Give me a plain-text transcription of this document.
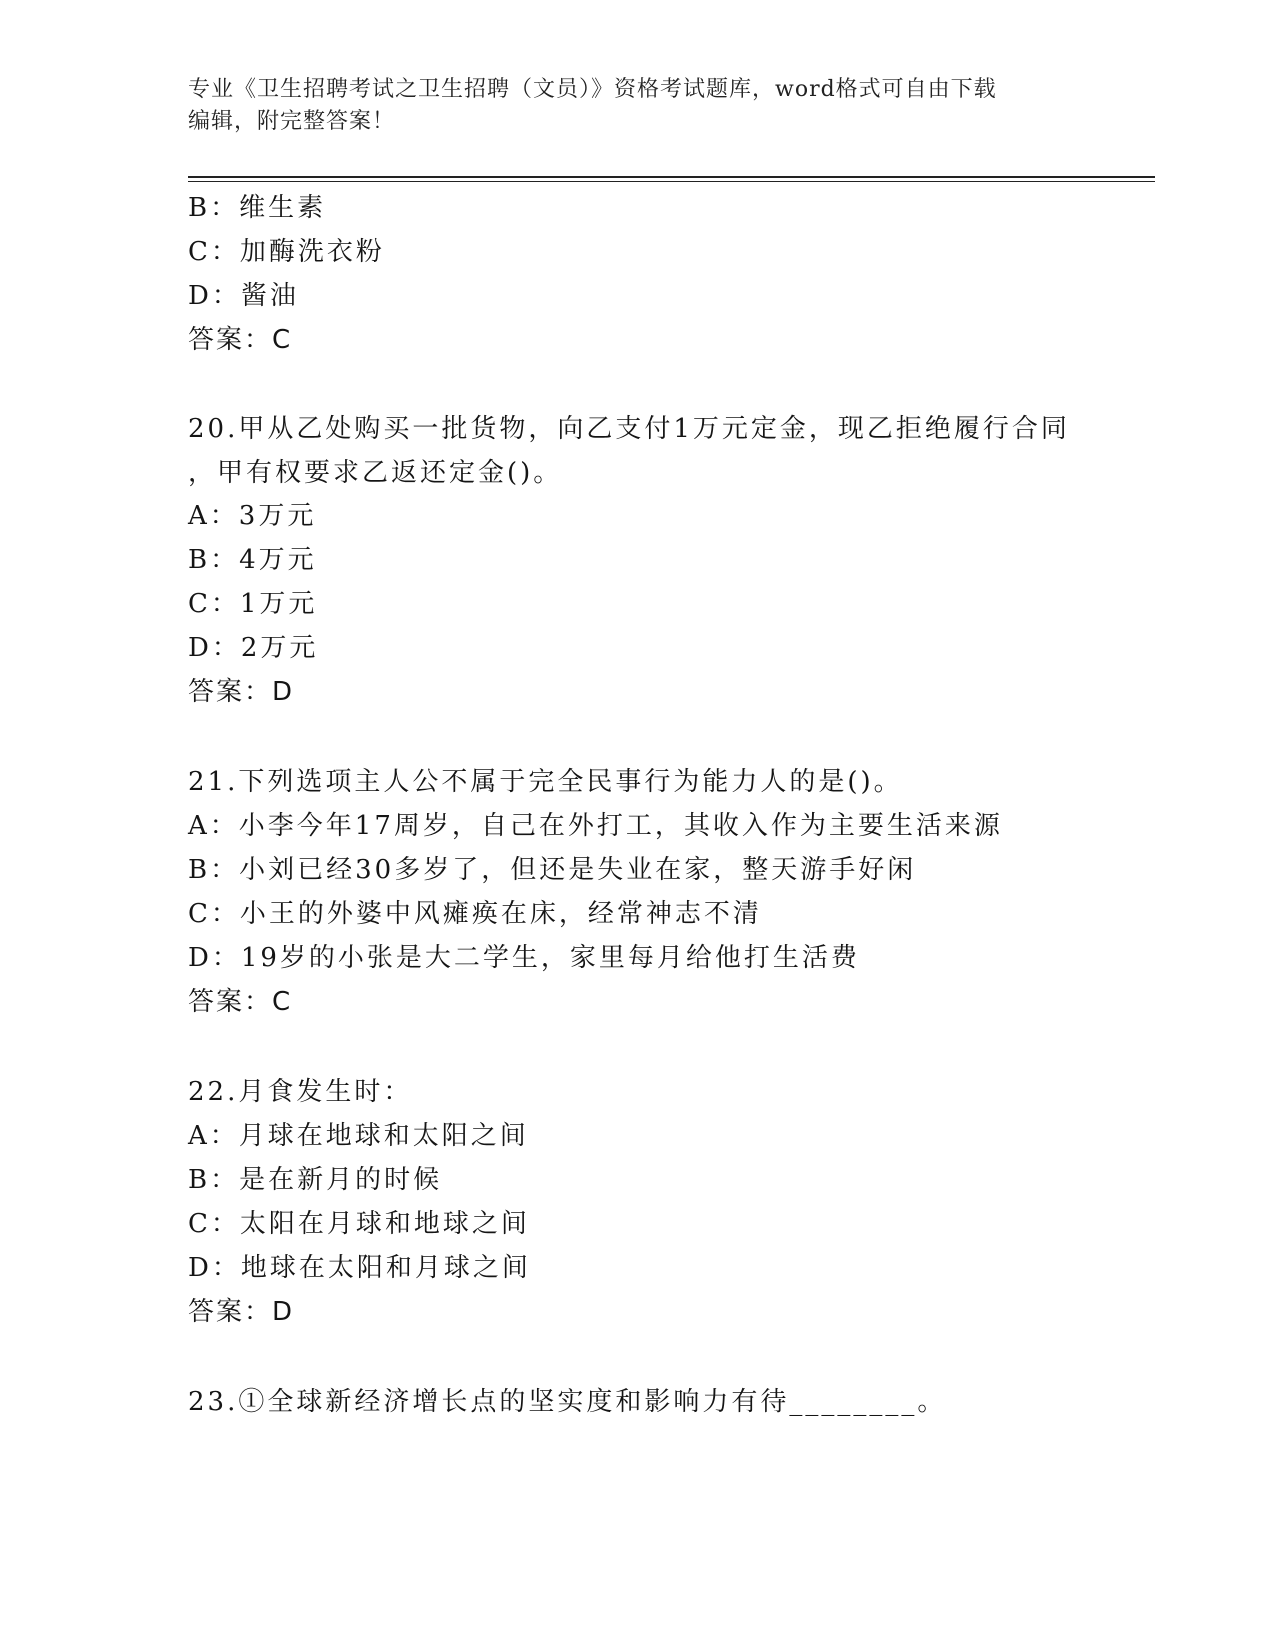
专业《卫生招聘考试之卫生招聘（文员）》资格考试题库，word格式可自由下载
编辑，附完整答案！
B：维生素
C：加酶洗衣粉
D：酱油
答案：C
20.甲从乙处购买一批货物，向乙支付1万元定金，现乙拒绝履行合同
，甲有权要求乙返还定金()。
A：3万元
B：4万元
C：1万元
D：2万元
答案：D
21.下列选项主人公不属于完全民事行为能力人的是()。
A：小李今年17周岁，自己在外打工，其收入作为主要生活来源
B：小刘已经30多岁了，但还是失业在家，整天游手好闲
C：小王的外婆中风瘫痪在床，经常神志不清
D：19岁的小张是大二学生，家里每月给他打生活费
答案：C
22.月食发生时：
A：月球在地球和太阳之间
B：是在新月的时候
C：太阳在月球和地球之间
D：地球在太阳和月球之间
答案：D
23.①全球新经济增长点的坚实度和影响力有待________。
